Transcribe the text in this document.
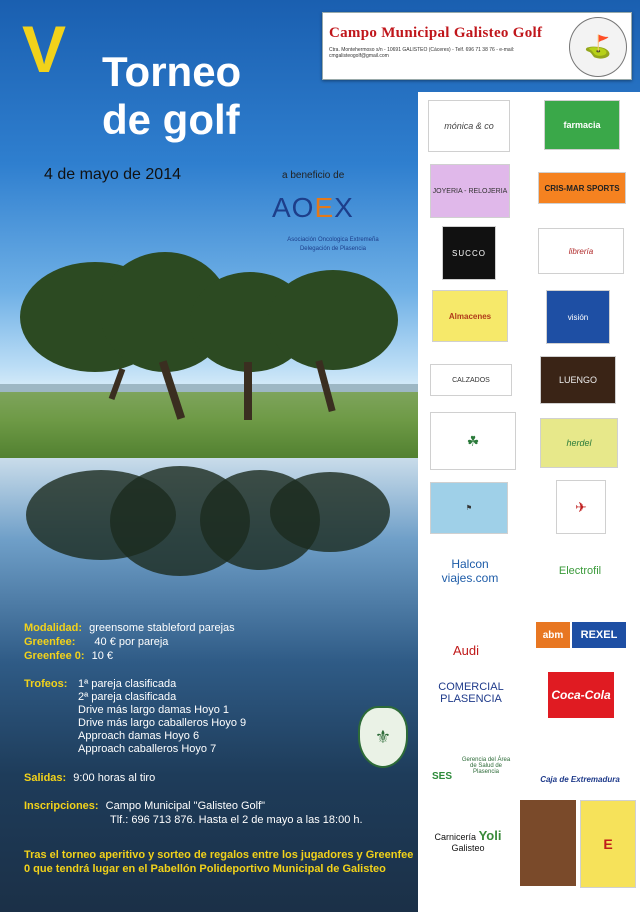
V Torneo
de golf
4 de mayo de 2014	a beneficio de
AOEX
Asociación Oncologica Extremeña
Delegación de Plasencia
Modalidad: greensome stableford parejas
Greenfee: 40 € por pareja
Greenfee 0: 10 €
Trofeos: 1ª pareja clasificada
2ª pareja clasificada
Drive más largo damas Hoyo 1
Drive más largo caballeros Hoyo 9
Approach damas Hoyo 6
Approach caballeros Hoyo 7
⚜
Salidas: 9:00 horas al tiro
Inscripciones: Campo Municipal "Galisteo Golf"
Tlf.: 696 713 876. Hasta el 2 de mayo a las 18:00 h.
Tras el torneo aperitivo y sorteo de regalos entre los jugadores y Greenfee 0 que tendrá lugar en el Pabellón Polideportivo Municipal de Galisteo
Campo Municipal Galisteo Golf
Ctra. Montehermoso s/n - 10691 GALISTEO (Cáceres) - Telf. 696 71 38 76 - e-mail: cmgalisteogolf@gmail.com	⛳
mónica & co	farmacia
JOYERIA - RELOJERIA	CRIS-MAR SPORTS
SUCCO	librería
Almacenes	visión
CALZADOS	LUENGO
☘	herdel
⚑	✈
Halcon viajes.com	Electrofil
Audi
abm	REXEL
COMERCIAL
PLASENCIA	Coca-Cola
SES
Gerencia del Área de Salud de Plasencia
Caja de Extremadura
Carnicería Yoli
Galisteo	E
